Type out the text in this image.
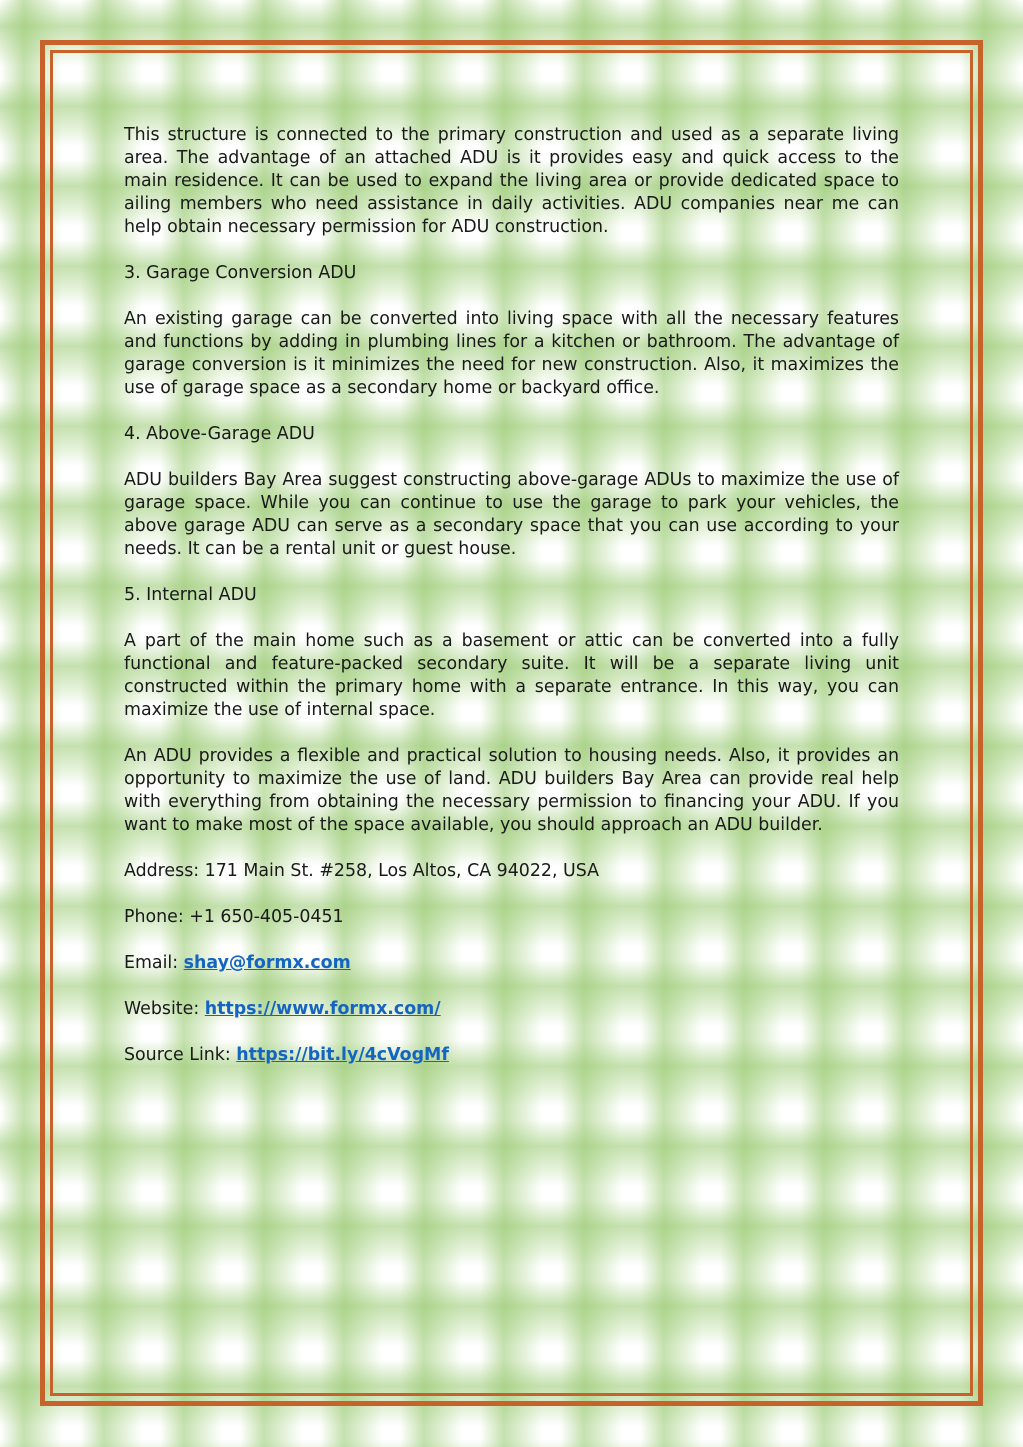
This structure is connected to the primary construction and used as a separate living area. The advantage of an attached ADU is it provides easy and quick access to the main residence. It can be used to expand the living area or provide dedicated space to ailing members who need assistance in daily activities. ADU companies near me can help obtain necessary permission for ADU construction.

3. Garage Conversion ADU

An existing garage can be converted into living space with all the necessary features and functions by adding in plumbing lines for a kitchen or bathroom. The advantage of garage conversion is it minimizes the need for new construction. Also, it maximizes the use of garage space as a secondary home or backyard office.

4. Above-Garage ADU

ADU builders Bay Area suggest constructing above-garage ADUs to maximize the use of garage space. While you can continue to use the garage to park your vehicles, the above garage ADU can serve as a secondary space that you can use according to your needs. It can be a rental unit or guest house.

5. Internal ADU

A part of the main home such as a basement or attic can be converted into a fully functional and feature-packed secondary suite. It will be a separate living unit constructed within the primary home with a separate entrance. In this way, you can maximize the use of internal space.

An ADU provides a flexible and practical solution to housing needs. Also, it provides an opportunity to maximize the use of land. ADU builders Bay Area can provide real help with everything from obtaining the necessary permission to financing your ADU. If you want to make most of the space available, you should approach an ADU builder.

Address: 171 Main St. #258, Los Altos, CA 94022, USA

Phone: +1 650-405-0451

Email: shay@formx.com

Website: https://www.formx.com/

Source Link: https://bit.ly/4cVogMf
